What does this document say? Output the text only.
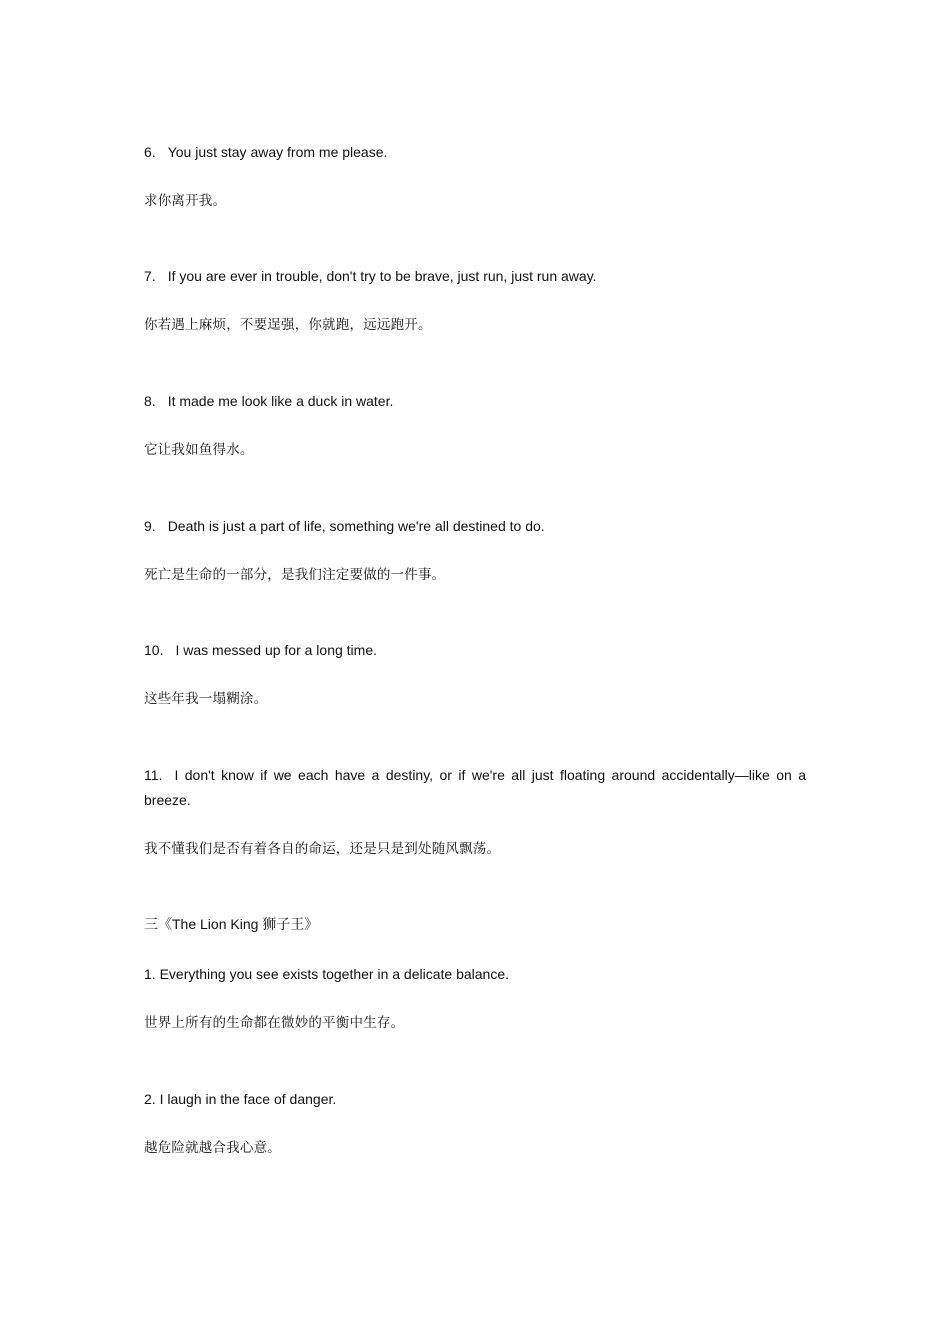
6. You just stay away from me please.

求你离开我。

7. If you are ever in trouble, don't try to be brave, just run, just run away.

你若遇上麻烦，不要逞强，你就跑，远远跑开。

8. It made me look like a duck in water.

它让我如鱼得水。

9. Death is just a part of life, something we're all destined to do.

死亡是生命的一部分，是我们注定要做的一件事。

10. I was messed up for a long time.

这些年我一塌糊涂。

11. I don't know if we each have a destiny, or if we're all just floating around accidentally—like on a

breeze.

我不懂我们是否有着各自的命运，还是只是到处随风飘荡。

三《The Lion King 狮子王》

1. Everything you see exists together in a delicate balance.

世界上所有的生命都在微妙的平衡中生存。

2. I laugh in the face of danger.

越危险就越合我心意。
